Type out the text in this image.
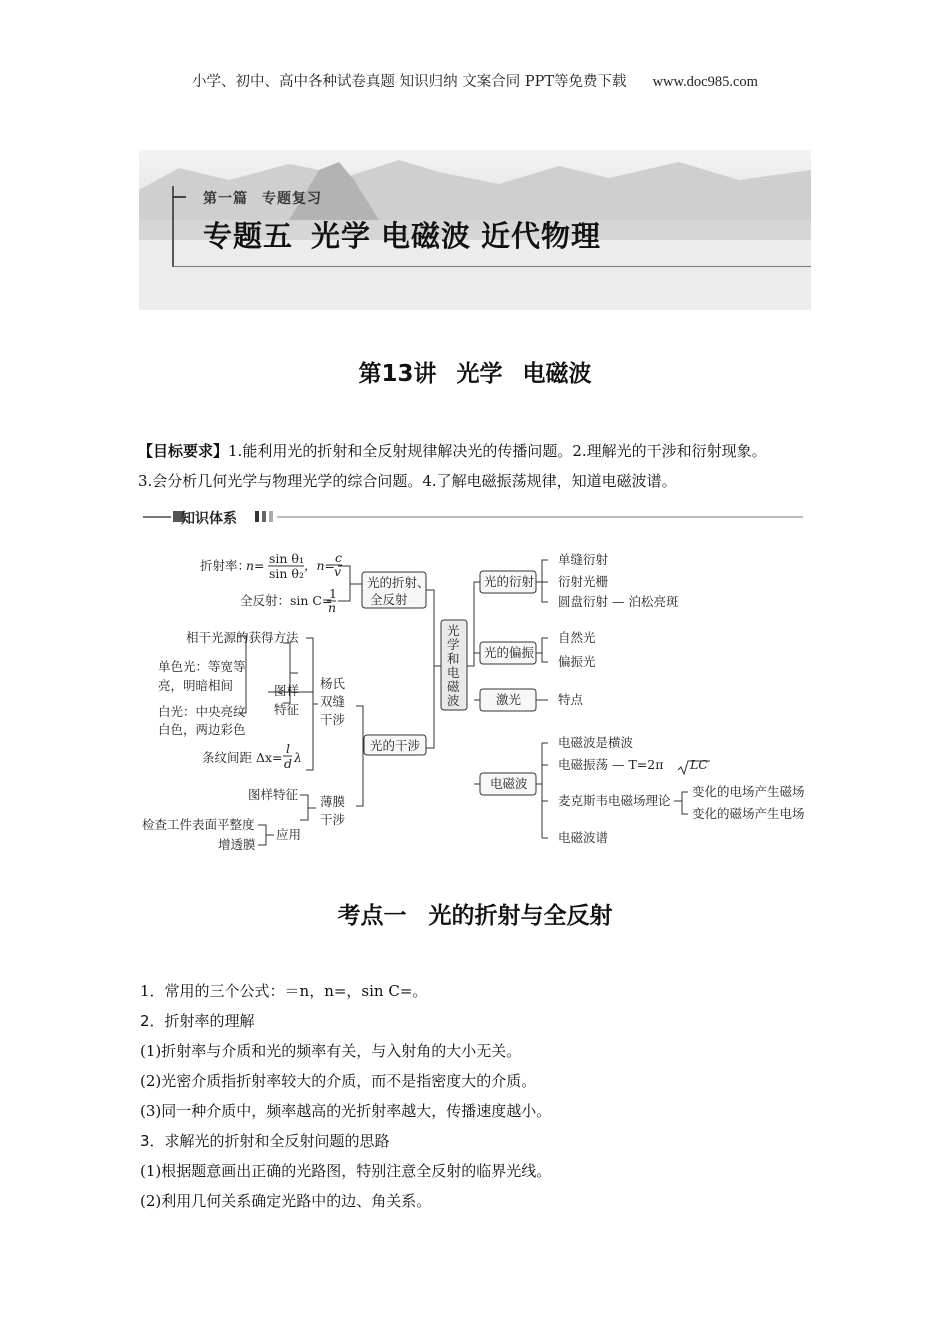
小学、初中、高中各种试卷真题 知识归纳 文案合同 PPT等免费下载 www.doc985.com
第一篇 专题复习
专题五 光学 电磁波 近代物理
第13讲 光学 电磁波
【目标要求】1.能利用光的折射和全反射规律解决光的传播问题。2.理解光的干涉和衍射现象。
3.会分析几何光学与物理光学的综合问题。4.了解电磁振荡规律，知道电磁波谱。
知识体系
折射率：
n= sin θ₁
sin θ₂
，n=
c
v
全反射：sin C=
1
n
光的折射、
全反射
光
学
和
电
磁
波
相干光源的获得方法
单色光：等宽等
亮，明暗相间
白光：中央亮纹
白色，两边彩色
图样
特征
杨氏
双缝
干涉
条纹间距 Δx=
l
d λ
光的干涉
图样特征
检查工件表面平整度
增透膜
应用
薄膜
干涉
光的衍射
单缝衍射
衍射光栅
圆盘衍射 — 泊松亮斑
光的偏振
自然光
偏振光
激光	特点
电磁波
电磁波是横波
电磁振荡 — T=2π LC
麦克斯韦电磁场理论
变化的电场产生磁场
变化的磁场产生电场
电磁波谱
考点一 光的折射与全反射

1．常用的三个公式：＝n，n=，sin C=。

2．折射率的理解

(1)折射率与介质和光的频率有关，与入射角的大小无关。

(2)光密介质指折射率较大的介质，而不是指密度大的介质。

(3)同一种介质中，频率越高的光折射率越大，传播速度越小。

3．求解光的折射和全反射问题的思路

(1)根据题意画出正确的光路图，特别注意全反射的临界光线。

(2)利用几何关系确定光路中的边、角关系。
